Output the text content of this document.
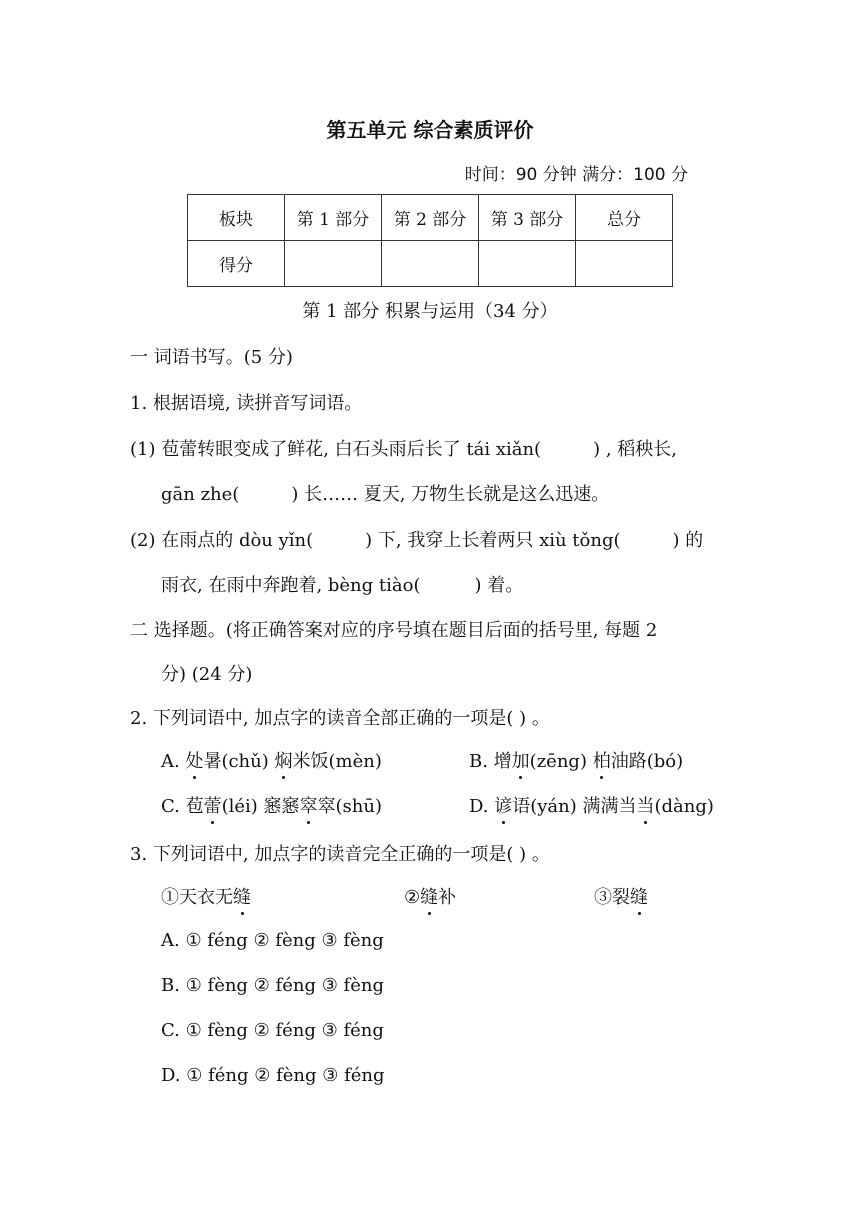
第五单元 综合素质评价
时间：90 分钟 满分：100 分
板块	第 1 部分	第 2 部分	第 3 部分	总分
得分				
第 1 部分 积累与运用（34 分）
一 词语书写。(5 分)
1. 根据语境, 读拼音写词语。
(1) 苞蕾转眼变成了鲜花, 白石头雨后长了 tái xiǎn(	) , 稻秧长,
gān zhe(	) 长…… 夏天, 万物生长就是这么迅速。
(2) 在雨点的 dòu yǐn(	) 下, 我穿上长着两只 xiù tǒng(	) 的
雨衣, 在雨中奔跑着, bèng tiào(	) 着。
二 选择题。(将正确答案对应的序号填在题目后面的括号里, 每题 2
分) (24 分)
2. 下列词语中, 加点字的读音全部正确的一项是( ) 。
A. 处暑(chǔ) 焖米饭(mèn)	B. 增加(zēng) 柏油路(bó)
C. 苞蕾(léi) 窸窸窣窣(shū)	D. 谚语(yán) 满满当当(dàng)
3. 下列词语中, 加点字的读音完全正确的一项是( ) 。
①天衣无缝	②缝补	③裂缝
A. ① féng ② fèng ③ fèng
B. ① fèng ② féng ③ fèng
C. ① fèng ② féng ③ féng
D. ① féng ② fèng ③ féng
